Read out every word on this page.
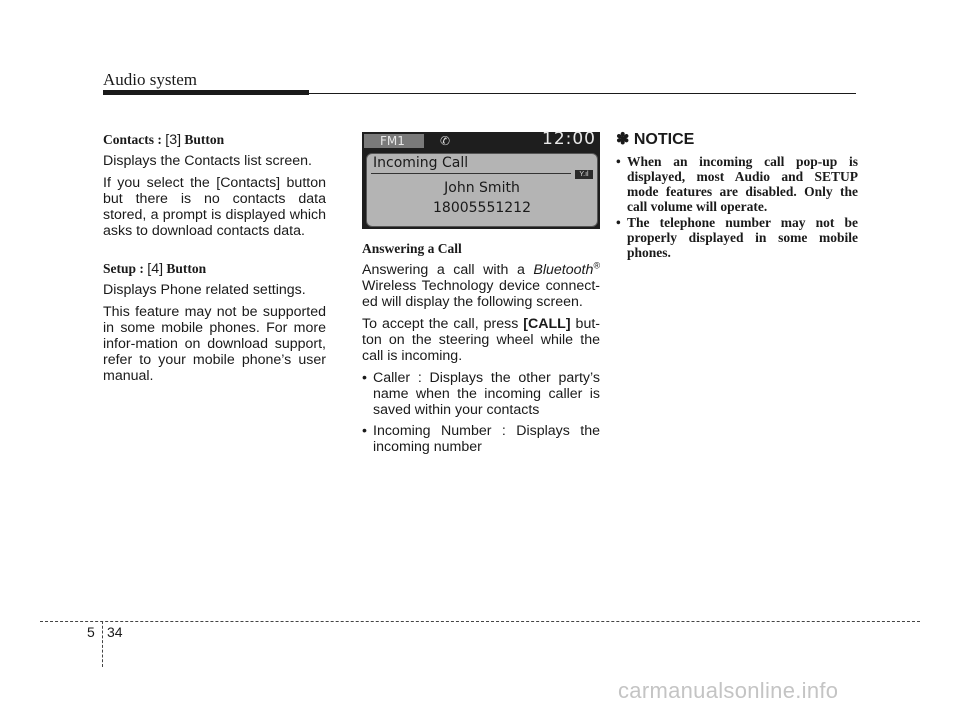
Audio system
Contacts : [3] Button

Displays the Contacts list screen.

If you select the [Contacts] button but there is no contacts data stored, a prompt is displayed which asks to download contacts data.

Setup : [4] Button

Displays Phone related settings.

This feature may not be supported in some mobile phones. For more infor-mation on download support, refer to your mobile phone’s user manual.

FM1	✆	12:00
Incoming Call
Y.ıl
John Smith
18005551212
Answering a Call

Answering a call with a Bluetooth® Wireless Technology device connect-ed will display the following screen.

To accept the call, press [CALL] but-ton on the steering wheel while the call is incoming.

• Caller : Displays the other party’s name when the incoming caller is saved within your contacts
• Incoming Number : Displays the incoming number
✽ NOTICE
• When an incoming call pop-up is displayed, most Audio and SETUP mode features are disabled. Only the call volume will operate.
• The telephone number may not be properly displayed in some mobile phones.
5 34
carmanualsonline.info
